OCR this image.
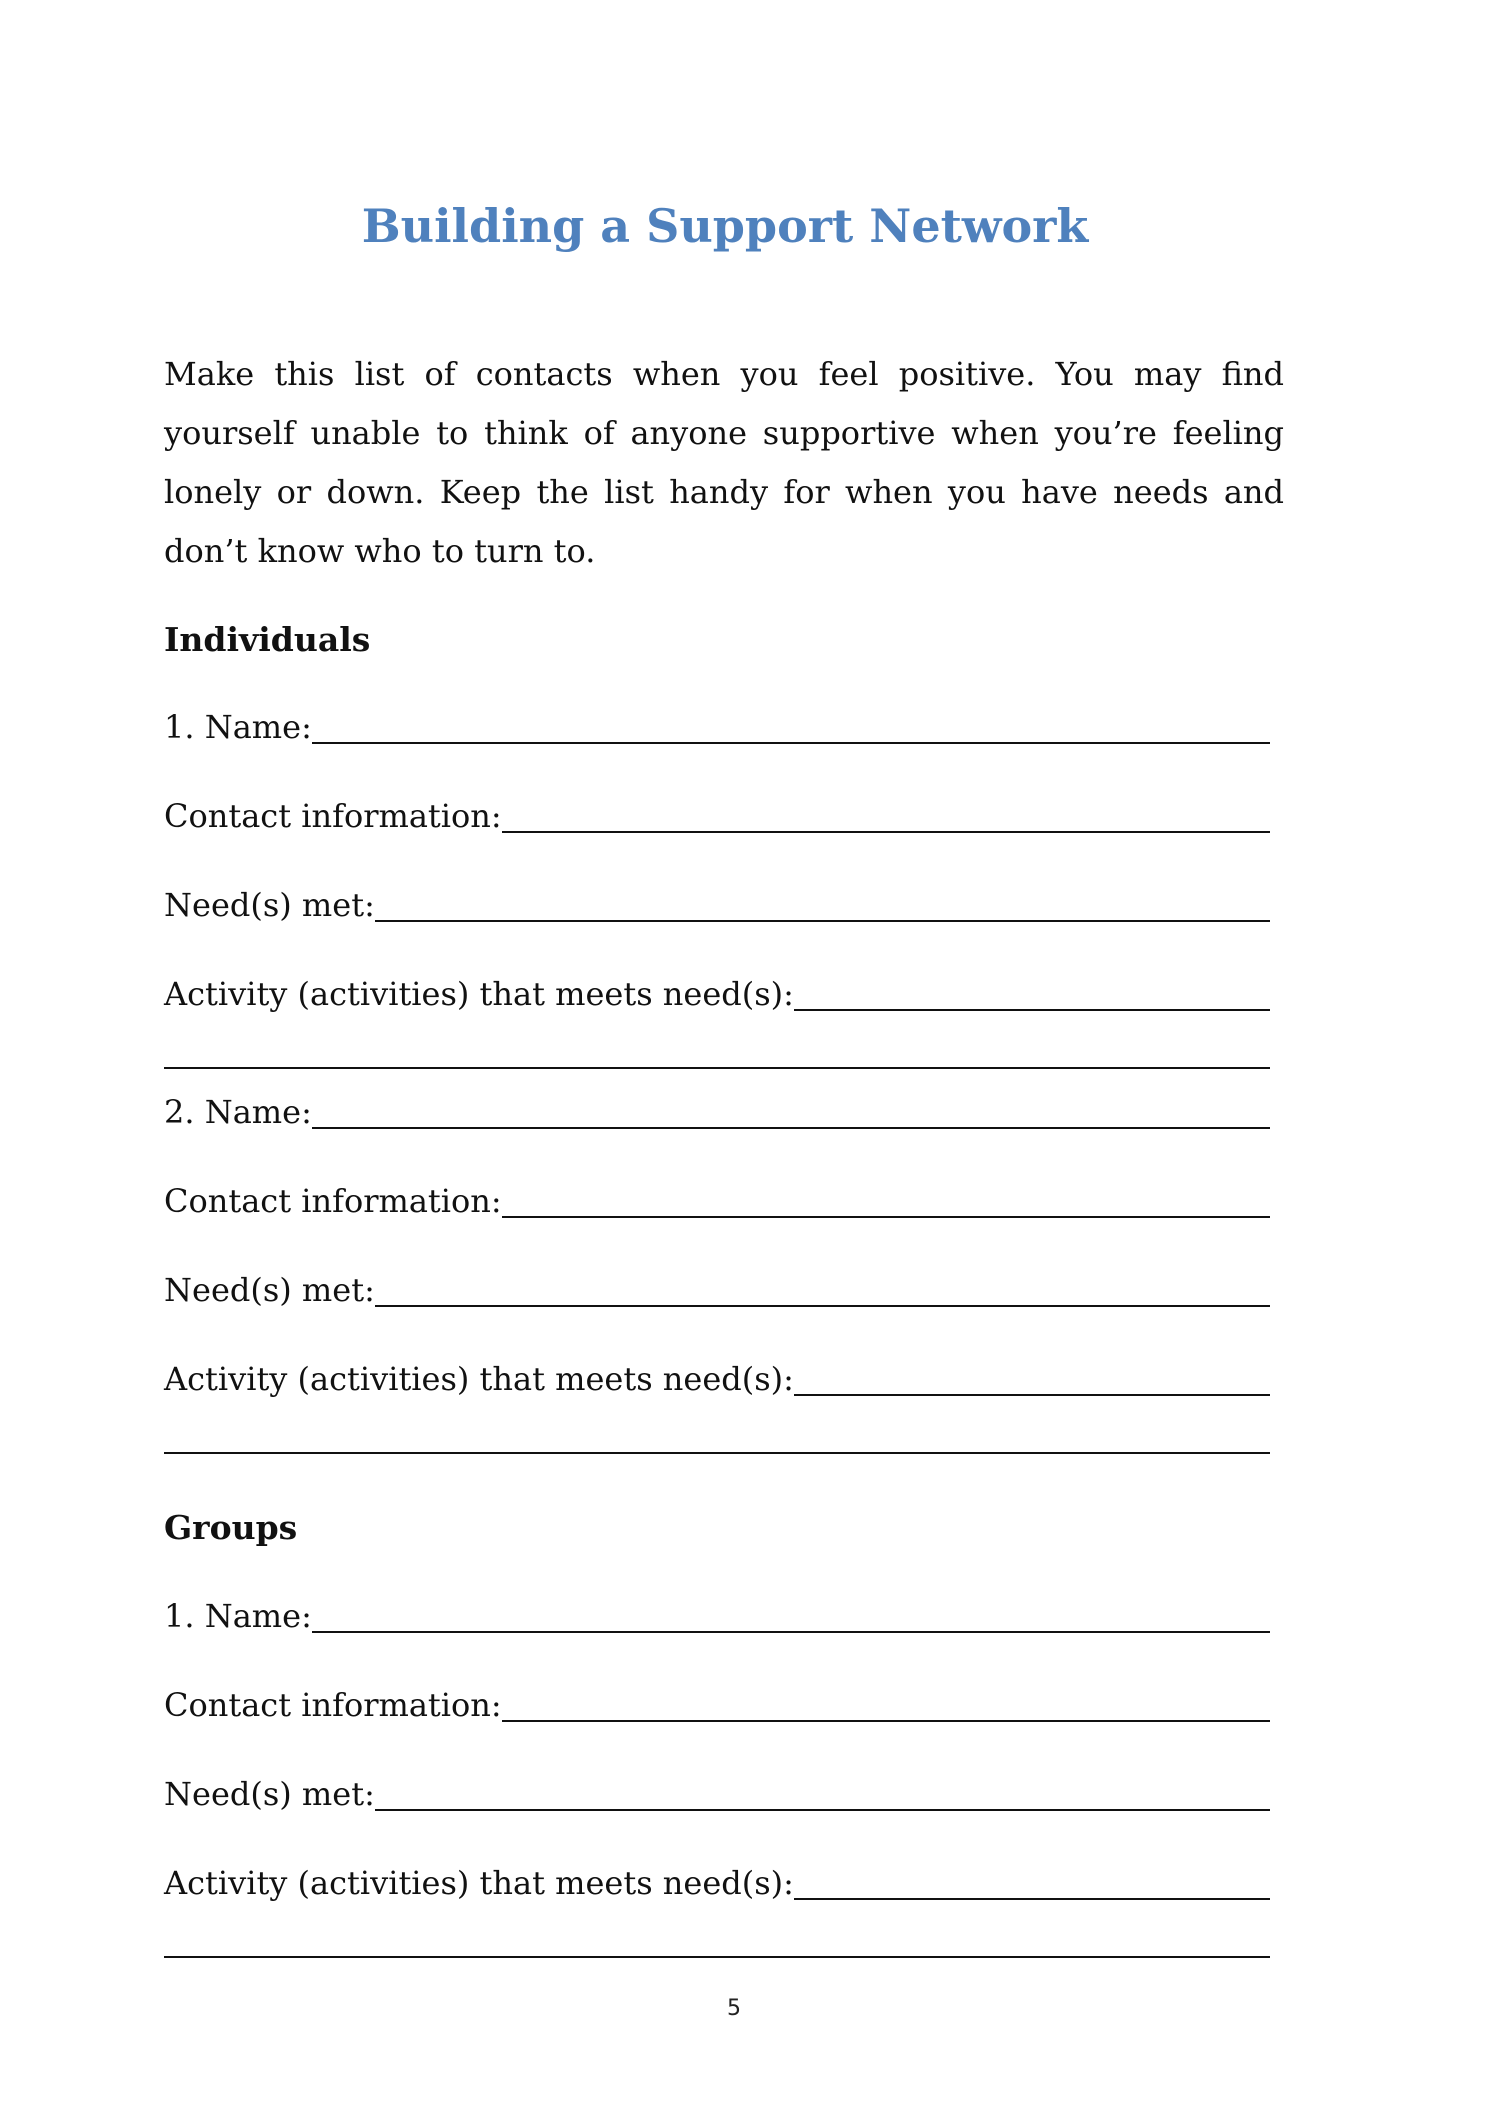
Building a Support Network

Make this list of contacts when you feel positive. You may find yourself unable to think of anyone supportive when you’re feeling lonely or down. Keep the list handy for when you have needs and don’t know who to turn to.

Individuals
1. Name:
Contact information:
Need(s) met:
Activity (activities) that meets need(s):
2. Name:
Contact information:
Need(s) met:
Activity (activities) that meets need(s):
Groups
1. Name:
Contact information:
Need(s) met:
Activity (activities) that meets need(s):
5
